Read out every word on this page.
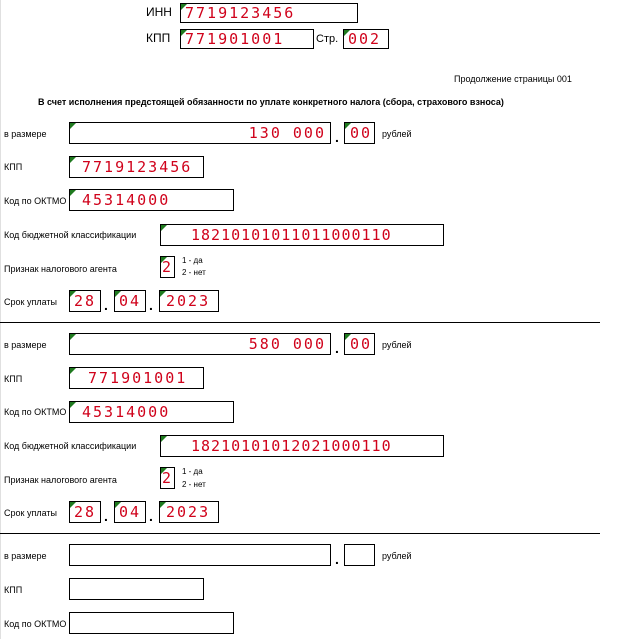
ИНН 7719123456
КПП 771901001	Стр. 002
Продолжение страницы 001
В счет исполнения предстоящей обязанности по уплате конкретного налога (сбора, страхового взноса)
в размере	130 000 . 00 рублей
КПП	7719123456
Код по ОКТМО 45314000
Код бюджетной классификации	18210101011011000110
Признак налогового агента	2 1 - да
2 - нет
Срок уплаты 28 . 04 . 2023
в размере	580 000 . 00 рублей
КПП	771901001
Код по ОКТМО 45314000
Код бюджетной классификации	18210101012021000110
Признак налогового агента	2 1 - да
2 - нет
Срок уплаты 28 . 04 . 2023
в размере	.	рублей
КПП
Код по ОКТМО
